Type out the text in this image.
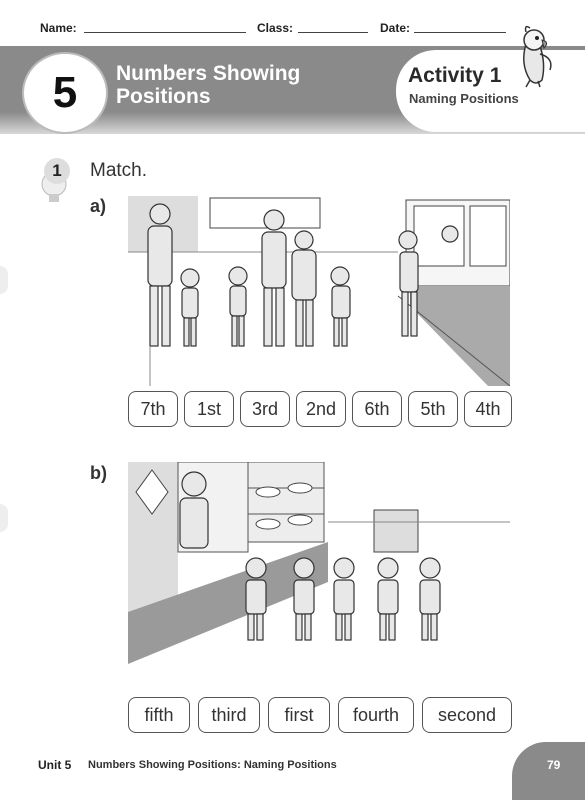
Name:	Class:	Date:
5	Numbers Showing Positions
Activity 1
Naming Positions
1	Match.
a)
7th	1st	3rd	2nd	6th	5th	4th
b)
fifth	third	first	fourth	second
Unit 5 Numbers Showing Positions: Naming Positions	79
